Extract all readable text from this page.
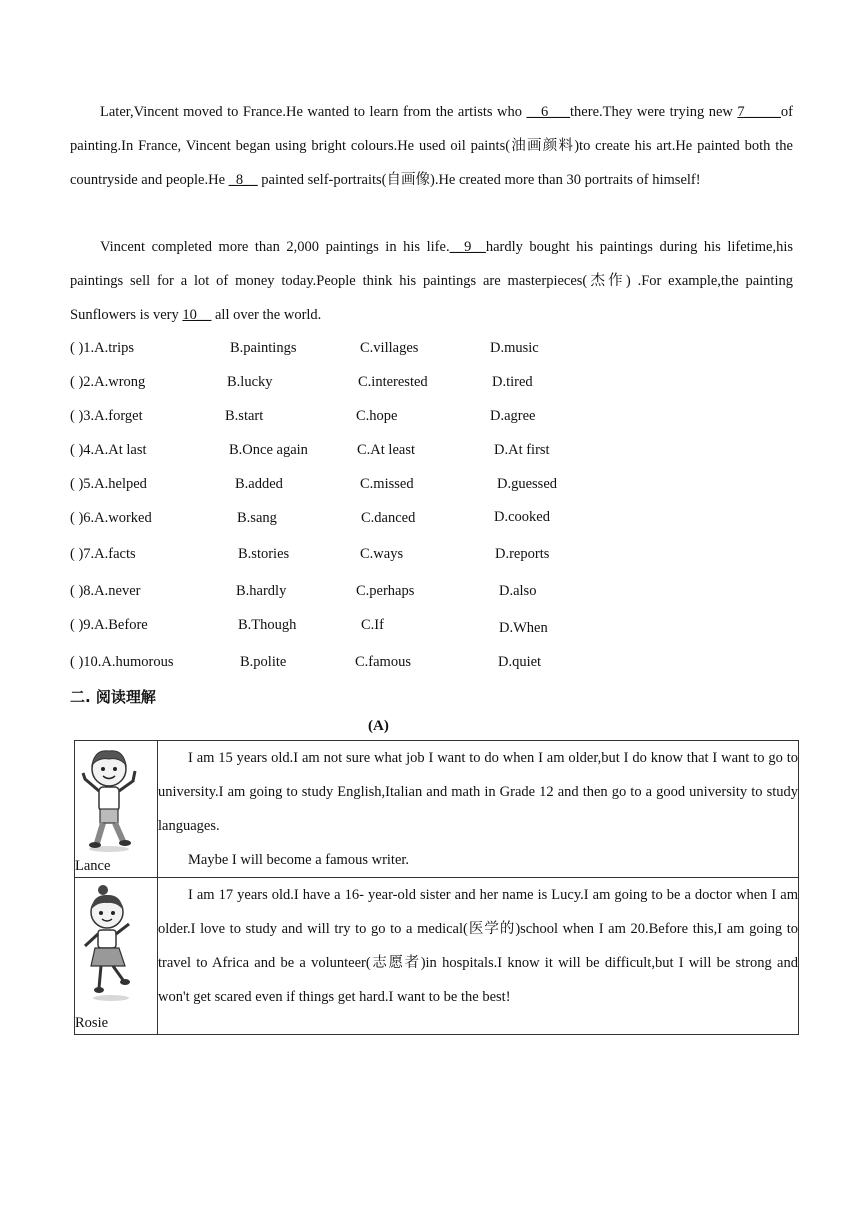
Later,Vincent moved to France.He wanted to learn from the artists who __6___there.They were trying new 7_____of painting.In France, Vincent began using bright colours.He used oil paints(油画颜料)to create his art.He painted both the countryside and people.He _8__ painted self-portraits(自画像).He created more than 30 portraits of himself!

Vincent completed more than 2,000 paintings in his life.__9__hardly bought his paintings during his lifetime,his paintings sell for a lot of money today.People think his paintings are masterpieces(杰作) .For example,the painting Sunflowers is very 10__ all over the world.

( )1.A.trips	B.paintings	C.villages	D.music
( )2.A.wrong	B.lucky	C.interested	D.tired
( )3.A.forget	B.start	C.hope	D.agree
( )4.A.At last	B.Once again	C.At least	D.At first
( )5.A.helped	B.added	C.missed	D.guessed
( )6.A.worked	B.sang	C.danced	D.cooked
( )7.A.facts	B.stories	C.ways	D.reports
( )8.A.never	B.hardly	C.perhaps	D.also
( )9.A.Before	B.Though	C.If	D.When
( )10.A.humorous	B.polite	C.famous	D.quiet
二. 阅读理解
(A)
Lance	I am 15 years old.I am not sure what job I want to do when I am older,but I do know that I want to go to university.I am going to study English,Italian and math in Grade 12 and then go to a good university to study languages.

Maybe I will become a famous writer.

Rosie	I am 17 years old.I have a 16- year-old sister and her name is Lucy.I am going to be a doctor when I am older.I love to study and will try to go to a medical(医学的)school when I am 20.Before this,I am going to travel to Africa and be a volunteer(志愿者)in hospitals.I know it will be difficult,but I will be strong and won't get scared even if things get hard.I want to be the best!
